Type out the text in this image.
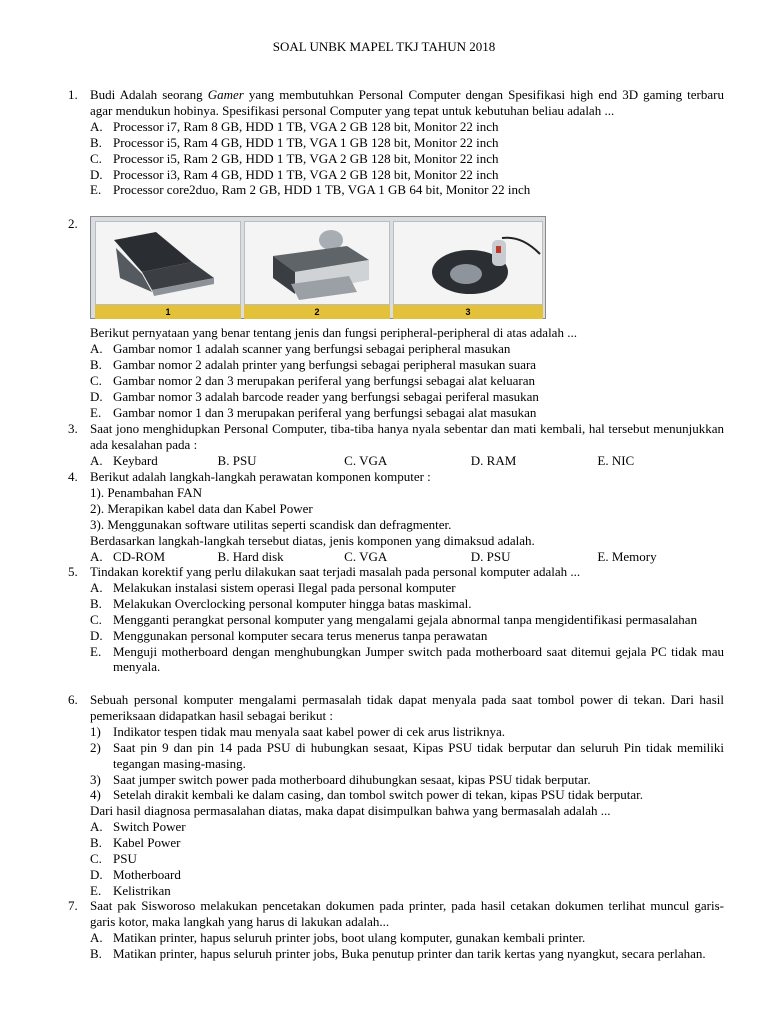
SOAL UNBK MAPEL TKJ TAHUN 2018
1. Budi Adalah seorang Gamer yang membutuhkan Personal Computer dengan Spesifikasi high end 3D gaming terbaru agar mendukun hobinya. Spesifikasi personal Computer yang tepat untuk kebutuhan beliau adalah ...
A. Processor i7, Ram 8 GB, HDD 1 TB, VGA 2 GB 128 bit, Monitor 22 inch
B. Processor i5, Ram 4 GB, HDD 1 TB, VGA 1 GB 128 bit, Monitor 22 inch
C. Processor i5, Ram 2 GB, HDD 1 TB, VGA 2 GB 128 bit, Monitor 22 inch
D. Processor i3, Ram 4 GB, HDD 1 TB, VGA 2 GB 128 bit, Monitor 22 inch
E. Processor core2duo, Ram 2 GB, HDD 1 TB, VGA 1 GB 64 bit, Monitor 22 inch
2.
1	2	3
Berikut pernyataan yang benar tentang jenis dan fungsi peripheral-peripheral di atas adalah ...
A. Gambar nomor 1 adalah scanner yang berfungsi sebagai peripheral masukan
B. Gambar nomor 2 adalah printer yang berfungsi sebagai peripheral masukan suara
C. Gambar nomor 2 dan 3 merupakan periferal yang berfungsi sebagai alat keluaran
D. Gambar nomor 3 adalah barcode reader yang berfungsi sebagai periferal masukan
E. Gambar nomor 1 dan 3 merupakan periferal yang berfungsi sebagai alat masukan
3. Saat jono menghidupkan Personal Computer, tiba-tiba hanya nyala sebentar dan mati kembali, hal tersebut menunjukkan ada kesalahan pada :
A. Keybard	B. PSU	C. VGA	D. RAM	E. NIC
4. Berikut adalah langkah-langkah perawatan komponen komputer :
1). Penambahan FAN
2). Merapikan kabel data dan Kabel Power
3). Menggunakan software utilitas seperti scandisk dan defragmenter.
Berdasarkan langkah-langkah tersebut diatas, jenis komponen yang dimaksud adalah.
A. CD-ROM	B. Hard disk	C. VGA	D. PSU	E. Memory
5. Tindakan korektif yang perlu dilakukan saat terjadi masalah pada personal komputer adalah ...
A. Melakukan instalasi sistem operasi Ilegal pada personal komputer
B. Melakukan Overclocking personal komputer hingga batas maskimal.
C. Mengganti perangkat personal komputer yang mengalami gejala abnormal tanpa mengidentifikasi permasalahan
D. Menggunakan personal komputer secara terus menerus tanpa perawatan
E. Menguji motherboard dengan menghubungkan Jumper switch pada motherboard saat ditemui gejala PC tidak mau menyala.
6. Sebuah personal komputer mengalami permasalah tidak dapat menyala pada saat tombol power di tekan. Dari hasil pemeriksaan didapatkan hasil sebagai berikut :
1) Indikator tespen tidak mau menyala saat kabel power di cek arus listriknya.
2) Saat pin 9 dan pin 14 pada PSU di hubungkan sesaat, Kipas PSU tidak berputar dan seluruh Pin tidak memiliki tegangan masing-masing.
3) Saat jumper switch power pada motherboard dihubungkan sesaat, kipas PSU tidak berputar.
4) Setelah dirakit kembali ke dalam casing, dan tombol switch power di tekan, kipas PSU tidak berputar.
Dari hasil diagnosa permasalahan diatas, maka dapat disimpulkan bahwa yang bermasalah adalah ...
A. Switch Power
B. Kabel Power
C. PSU
D. Motherboard
E. Kelistrikan
7. Saat pak Sisworoso melakukan pencetakan dokumen pada printer, pada hasil cetakan dokumen terlihat muncul garis-garis kotor, maka langkah yang harus di lakukan adalah...
A. Matikan printer, hapus seluruh printer jobs, boot ulang komputer, gunakan kembali printer.
B. Matikan printer, hapus seluruh printer jobs, Buka penutup printer dan tarik kertas yang nyangkut, secara perlahan.
